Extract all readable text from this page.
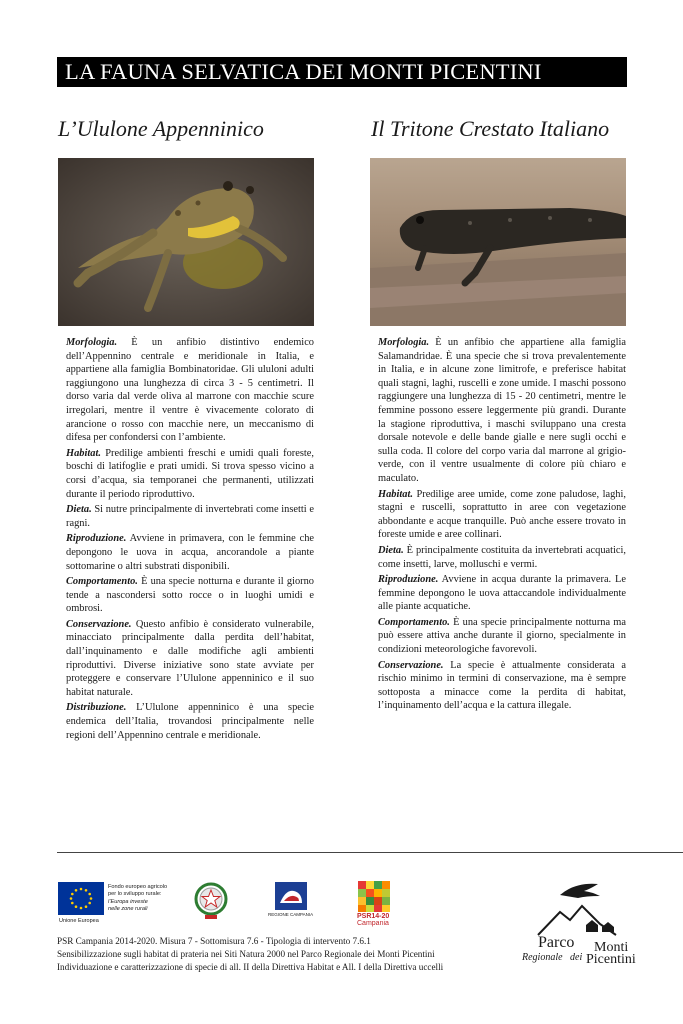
LA FAUNA SELVATICA DEI MONTI PICENTINI
L’Ululone Appenninico	Il Tritone Crestato Italiano

Morfologia. È un anfibio distintivo endemico dell’Appennino centrale e meridionale in Italia, e appartiene alla famiglia Bombinatoridae. Gli ululoni adulti raggiungono una lunghezza di circa 3 - 5 centimetri. Il dorso varia dal verde oliva al marrone con macchie scure irregolari, mentre il ventre è vivacemente colorato di arancione o rosso con macchie nere, un meccanismo di difesa per confondersi con l’ambiente.

Habitat. Predilige ambienti freschi e umidi quali foreste, boschi di latifoglie e prati umidi. Si trova spesso vicino a corsi d’acqua, sia temporanei che permanenti, utilizzati durante il periodo riproduttivo.

Dieta. Si nutre principalmente di invertebrati come insetti e ragni.

Riproduzione. Avviene in primavera, con le femmine che depongono le uova in acqua, ancorandole a piante sottomarine o altri substrati disponibili.

Comportamento. È una specie notturna e durante il giorno tende a nascondersi sotto rocce o in luoghi umidi e ombrosi.

Conservazione. Questo anfibio è considerato vulnerabile, minacciato principalmente dalla perdita dell’habitat, dall’inquinamento e dalle modifiche agli ambienti riproduttivi. Diverse iniziative sono state avviate per proteggere e conservare l’Ululone appenninico e il suo habitat naturale.

Distribuzione. L’Ululone appenninico è una specie endemica dell’Italia, trovandosi principalmente nelle regioni dell’Appennino centrale e meridionale.

Morfologia. È un anfibio che appartiene alla famiglia Salamandridae. È una specie che si trova prevalentemente in Italia, e in alcune zone limitrofe, e preferisce habitat quali stagni, laghi, ruscelli e zone umide. I maschi possono raggiungere una lunghezza di 15 - 20 centimetri, mentre le femmine possono essere leggermente più grandi. Durante la stagione riproduttiva, i maschi sviluppano una cresta dorsale notevole e delle bande gialle e nere sugli occhi e sulla coda. Il colore del corpo varia dal marrone al grigio-verde, con il ventre usualmente di colore più chiaro e maculato.

Habitat. Predilige aree umide, come zone paludose, laghi, stagni e ruscelli, soprattutto in aree con vegetazione abbondante e acque tranquille. Può anche essere trovato in foreste umide e aree collinari.

Dieta. È principalmente costituita da invertebrati acquatici, come insetti, larve, molluschi e vermi.

Riproduzione. Avviene in acqua durante la primavera. Le femmine depongono le uova attaccandole individualmente alle piante acquatiche.

Comportamento. È una specie principalmente notturna ma può essere attiva anche durante il giorno, specialmente in condizioni meteorologiche favorevoli.

Conservazione. La specie è attualmente considerata a rischio minimo in termini di conservazione, ma è sempre sottoposta a minacce come la perdita di habitat, l’inquinamento dell’acqua e la cattura illegale.

Unione Europea
Fondo europeo agricolo
per lo sviluppo rurale:
l’Europa investe
nelle zone rurali
REGIONE CAMPANIA	PSR14-20
Campania
PSR Campania 2014-2020. Misura 7 - Sottomisura 7.6 - Tipologia di intervento 7.6.1
Sensibilizzazione sugli habitat di prateria nei Siti Natura 2000 nel Parco Regionale dei Monti Picentini
Individuazione e caratterizzazione di specie di all. II della Direttiva Habitat e All. I della Direttiva uccelli
Parco Monti
Regionale dei Picentini
